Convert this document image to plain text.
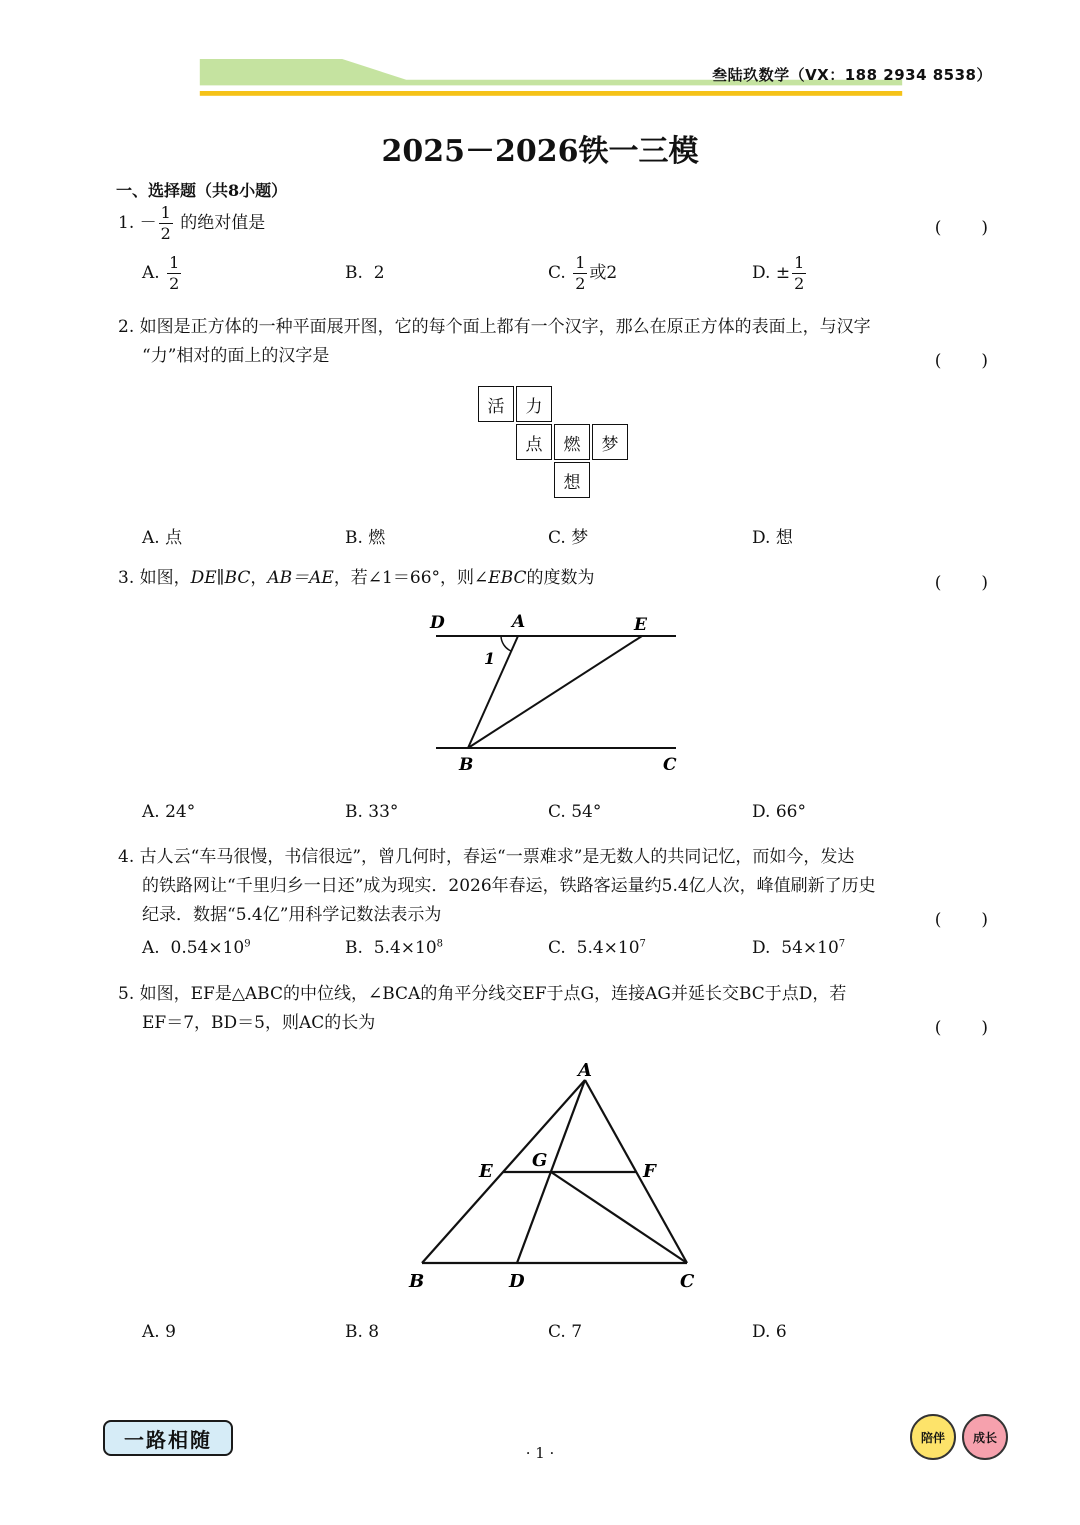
叁陆玖数学（VX：188 2934 8538）
2025－2026铁一三模
一、选择题（共8小题）
1. － $\frac{1}{2}$ 的绝对值是	(　　)
A. $\frac{1}{2}$	B. 2	C. $\frac{1}{2}$ 或2	D. ± $\frac{1}{2}$
2. 如图是正方体的一种平面展开图，它的每个面上都有一个汉字，那么在原正方体的表面上，与汉字
“力”相对的面上的汉字是	(　　)
活	力
点	燃	梦
想
A. 点	B. 燃	C. 梦	D. 想
3. 如图，DE∥BC，AB＝AE，若∠1＝66°，则∠EBC的度数为	(　　)
D	A	E
1
B	C
A. 24°	B. 33°	C. 54°	D. 66°
4. 古人云“车马很慢，书信很远”，曾几何时，春运“一票难求”是无数人的共同记忆，而如今，发达
的铁路网让“千里归乡一日还”成为现实．2026年春运，铁路客运量约5.4亿人次，峰值刷新了历史
纪录．数据“5.4亿”用科学记数法表示为	(　　)
A. $0.54\times 10^9$	B. $5.4\times 10^8$	C. $5.4\times 10^7$	D. $54\times 10^7$
5. 如图，EF是△ABC的中位线，∠BCA的角平分线交EF于点G，连接AG并延长交BC于点D，若
EF＝7，BD＝5，则AC的长为	(　　)
A
E
G
F
B	D	C
A. 9	B. 8	C. 7	D. 6
一路相随
· 1 ·
陪伴	成长
